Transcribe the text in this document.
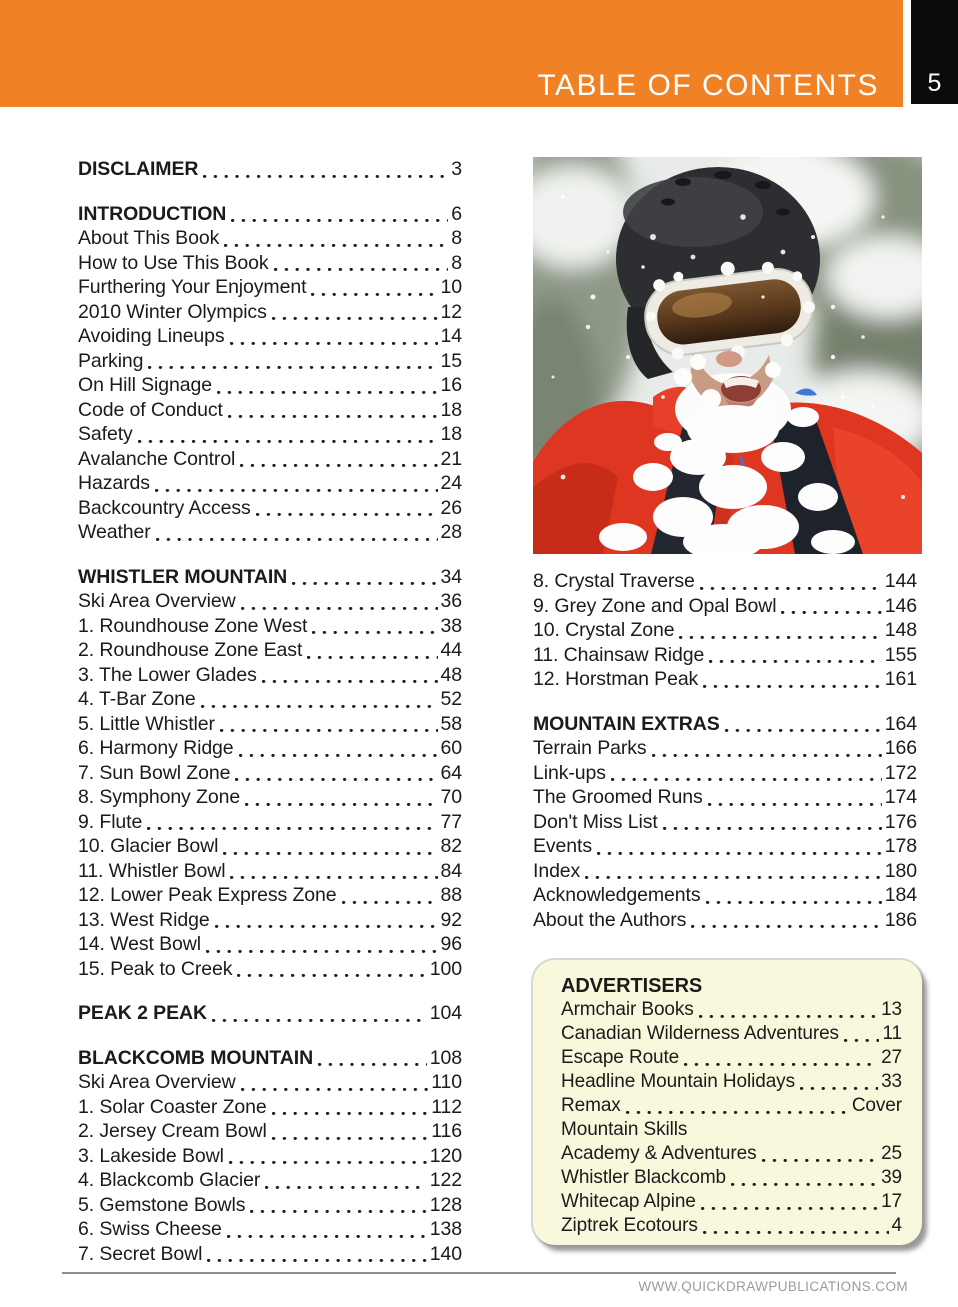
TABLE OF CONTENTS 5
DISCLAIMER	3
INTRODUCTION	6
About This Book	8
How to Use This Book	8
Furthering Your Enjoyment	10
2010 Winter Olympics	12
Avoiding Lineups	14
Parking	15
On Hill Signage	16
Code of Conduct	18
Safety	18
Avalanche Control	21
Hazards	24
Backcountry Access	26
Weather	28
WHISTLER MOUNTAIN	34
Ski Area Overview	36
1. Roundhouse Zone West	38
2. Roundhouse Zone East	44
3. The Lower Glades	48
4. T-Bar Zone	52
5. Little Whistler	58
6. Harmony Ridge	60
7. Sun Bowl Zone	64
8. Symphony Zone	70
9. Flute	77
10. Glacier Bowl	82
11. Whistler Bowl	84
12. Lower Peak Express Zone	88
13. West Ridge	92
14. West Bowl	96
15. Peak to Creek	100
PEAK 2 PEAK	104
BLACKCOMB MOUNTAIN	108
Ski Area Overview	110
1. Solar Coaster Zone	112
2. Jersey Cream Bowl	116
3. Lakeside Bowl	120
4. Blackcomb Glacier	122
5. Gemstone Bowls	128
6. Swiss Cheese	138
7. Secret Bowl	140
8. Crystal Traverse	144
9. Grey Zone and Opal Bowl	146
10. Crystal Zone	148
11. Chainsaw Ridge	155
12. Horstman Peak	161
MOUNTAIN EXTRAS	164
Terrain Parks	166
Link-ups	172
The Groomed Runs	174
Don't Miss List	176
Events	178
Index	180
Acknowledgements	184
About the Authors	186
ADVERTISERS
Armchair Books	13
Canadian Wilderness Adventures 11
Escape Route	27
Headline Mountain Holidays	33
Remax	Cover
Mountain Skills
Academy & Adventures	25
Whistler Blackcomb	39
Whitecap Alpine	17
Ziptrek Ecotours	4
WWW.QUICKDRAWPUBLICATIONS.COM
